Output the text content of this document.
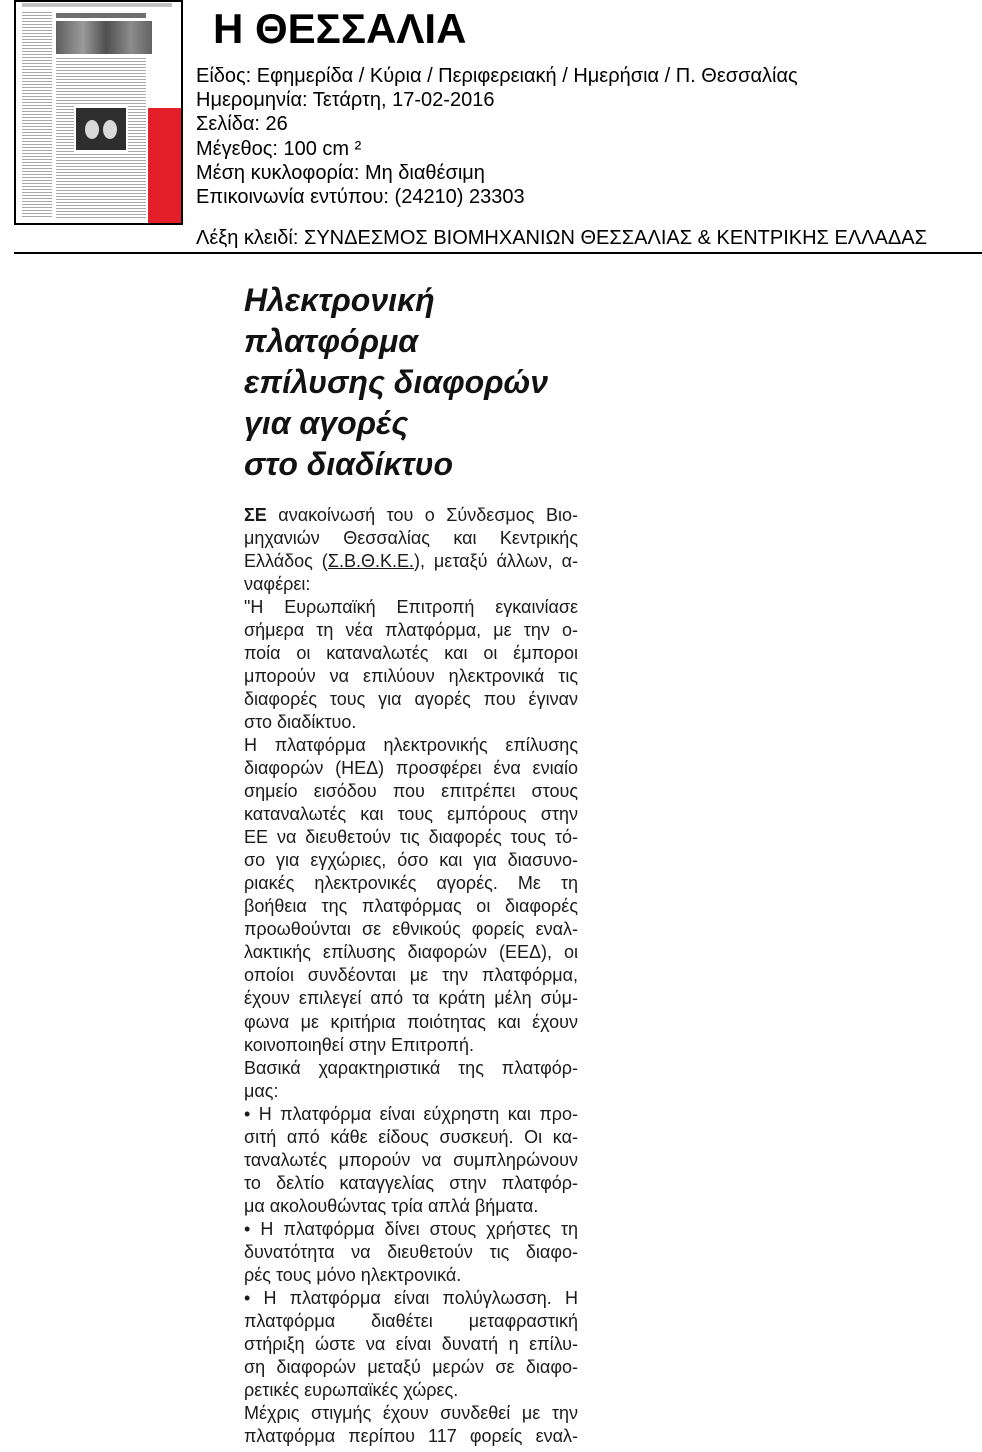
Η ΘΕΣΣΑΛΙΑ
Είδος: Εφημερίδα / Κύρια / Περιφερειακή / Ημερήσια / Π. Θεσσαλίας
Ημερομηνία: Τετάρτη, 17-02-2016
Σελίδα: 26
Μέγεθος: 100 cm ²
Μέση κυκλοφορία: Μη διαθέσιμη
Επικοινωνία εντύπου: (24210) 23303
Λέξη κλειδί: ΣΥΝΔΕΣΜΟΣ ΒΙΟΜΗΧΑΝΙΩΝ ΘΕΣΣΑΛΙΑΣ & ΚΕΝΤΡΙΚΗΣ ΕΛΛΑΔΑΣ
Ηλεκτρονική
πλατφόρμα
επίλυσης διαφορών
για αγορές
στο διαδίκτυο
ΣΕ ανακοίνωσή του ο Σύνδεσμος Βιο-
μηχανιών Θεσσαλίας και Κεντρικής
Ελλάδος (Σ.Β.Θ.Κ.Ε.), μεταξύ άλλων, α-
ναφέρει:
"Η Ευρωπαϊκή Επιτροπή εγκαινίασε
σήμερα τη νέα πλατφόρμα, με την ο-
ποία οι καταναλωτές και οι έμποροι
μπορούν να επιλύουν ηλεκτρονικά τις
διαφορές τους για αγορές που έγιναν
στο διαδίκτυο.
Η πλατφόρμα ηλεκτρονικής επίλυσης
διαφορών (ΗΕΔ) προσφέρει ένα ενιαίο
σημείο εισόδου που επιτρέπει στους
καταναλωτές και τους εμπόρους στην
ΕΕ να διευθετούν τις διαφορές τους τό-
σο για εγχώριες, όσο και για διασυνο-
ριακές ηλεκτρονικές αγορές. Με τη
βοήθεια της πλατφόρμας οι διαφορές
προωθούνται σε εθνικούς φορείς εναλ-
λακτικής επίλυσης διαφορών (ΕΕΔ), οι
οποίοι συνδέονται με την πλατφόρμα,
έχουν επιλεγεί από τα κράτη μέλη σύμ-
φωνα με κριτήρια ποιότητας και έχουν
κοινοποιηθεί στην Επιτροπή.
Βασικά χαρακτηριστικά της πλατφόρ-
μας:
• Η πλατφόρμα είναι εύχρηστη και προ-
σιτή από κάθε είδους συσκευή. Οι κα-
ταναλωτές μπορούν να συμπληρώνουν
το δελτίο καταγγελίας στην πλατφόρ-
μα ακολουθώντας τρία απλά βήματα.
• Η πλατφόρμα δίνει στους χρήστες τη
δυνατότητα να διευθετούν τις διαφο-
ρές τους μόνο ηλεκτρονικά.
• Η πλατφόρμα είναι πολύγλωσση. Η
πλατφόρμα διαθέτει μεταφραστική
στήριξη ώστε να είναι δυνατή η επίλυ-
ση διαφορών μεταξύ μερών σε διαφο-
ρετικές ευρωπαϊκές χώρες.
Μέχρις στιγμής έχουν συνδεθεί με την
πλατφόρμα περίπου 117 φορείς εναλ-
